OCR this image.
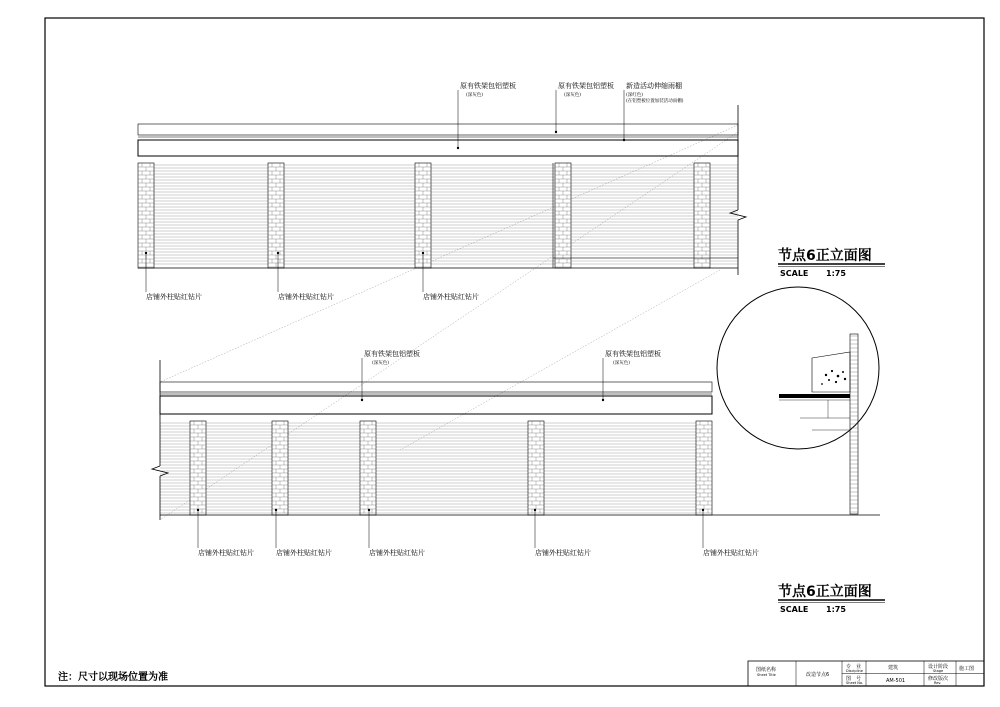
原有铁架包铝塑板
(深灰色)
原有铁架包铝塑板
(深灰色)
新造活动伸缩雨棚
(深红色)
(在铝塑板位置加装活动雨棚)
店铺外柱贴红钻片	店铺外柱贴红钻片	店铺外柱贴红钻片
节点6正立面图
SCALE 1:75
原有铁架包铝塑板
(深灰色)
原有铁架包铝塑板
(深灰色)
店铺外柱贴红钻片	店铺外柱贴红钻片	店铺外柱贴红钻片	店铺外柱贴红钻片	店铺外柱贴红钻片
节点6正立面图
SCALE 1:75
注：尺寸以现场位置为准
图纸名称
Sheet Title	改造节点6
专　业
Discipline	建筑
图　号
Sheet No.	AM-501
设计阶段
Stage	施工图
修改版次
Rev.
